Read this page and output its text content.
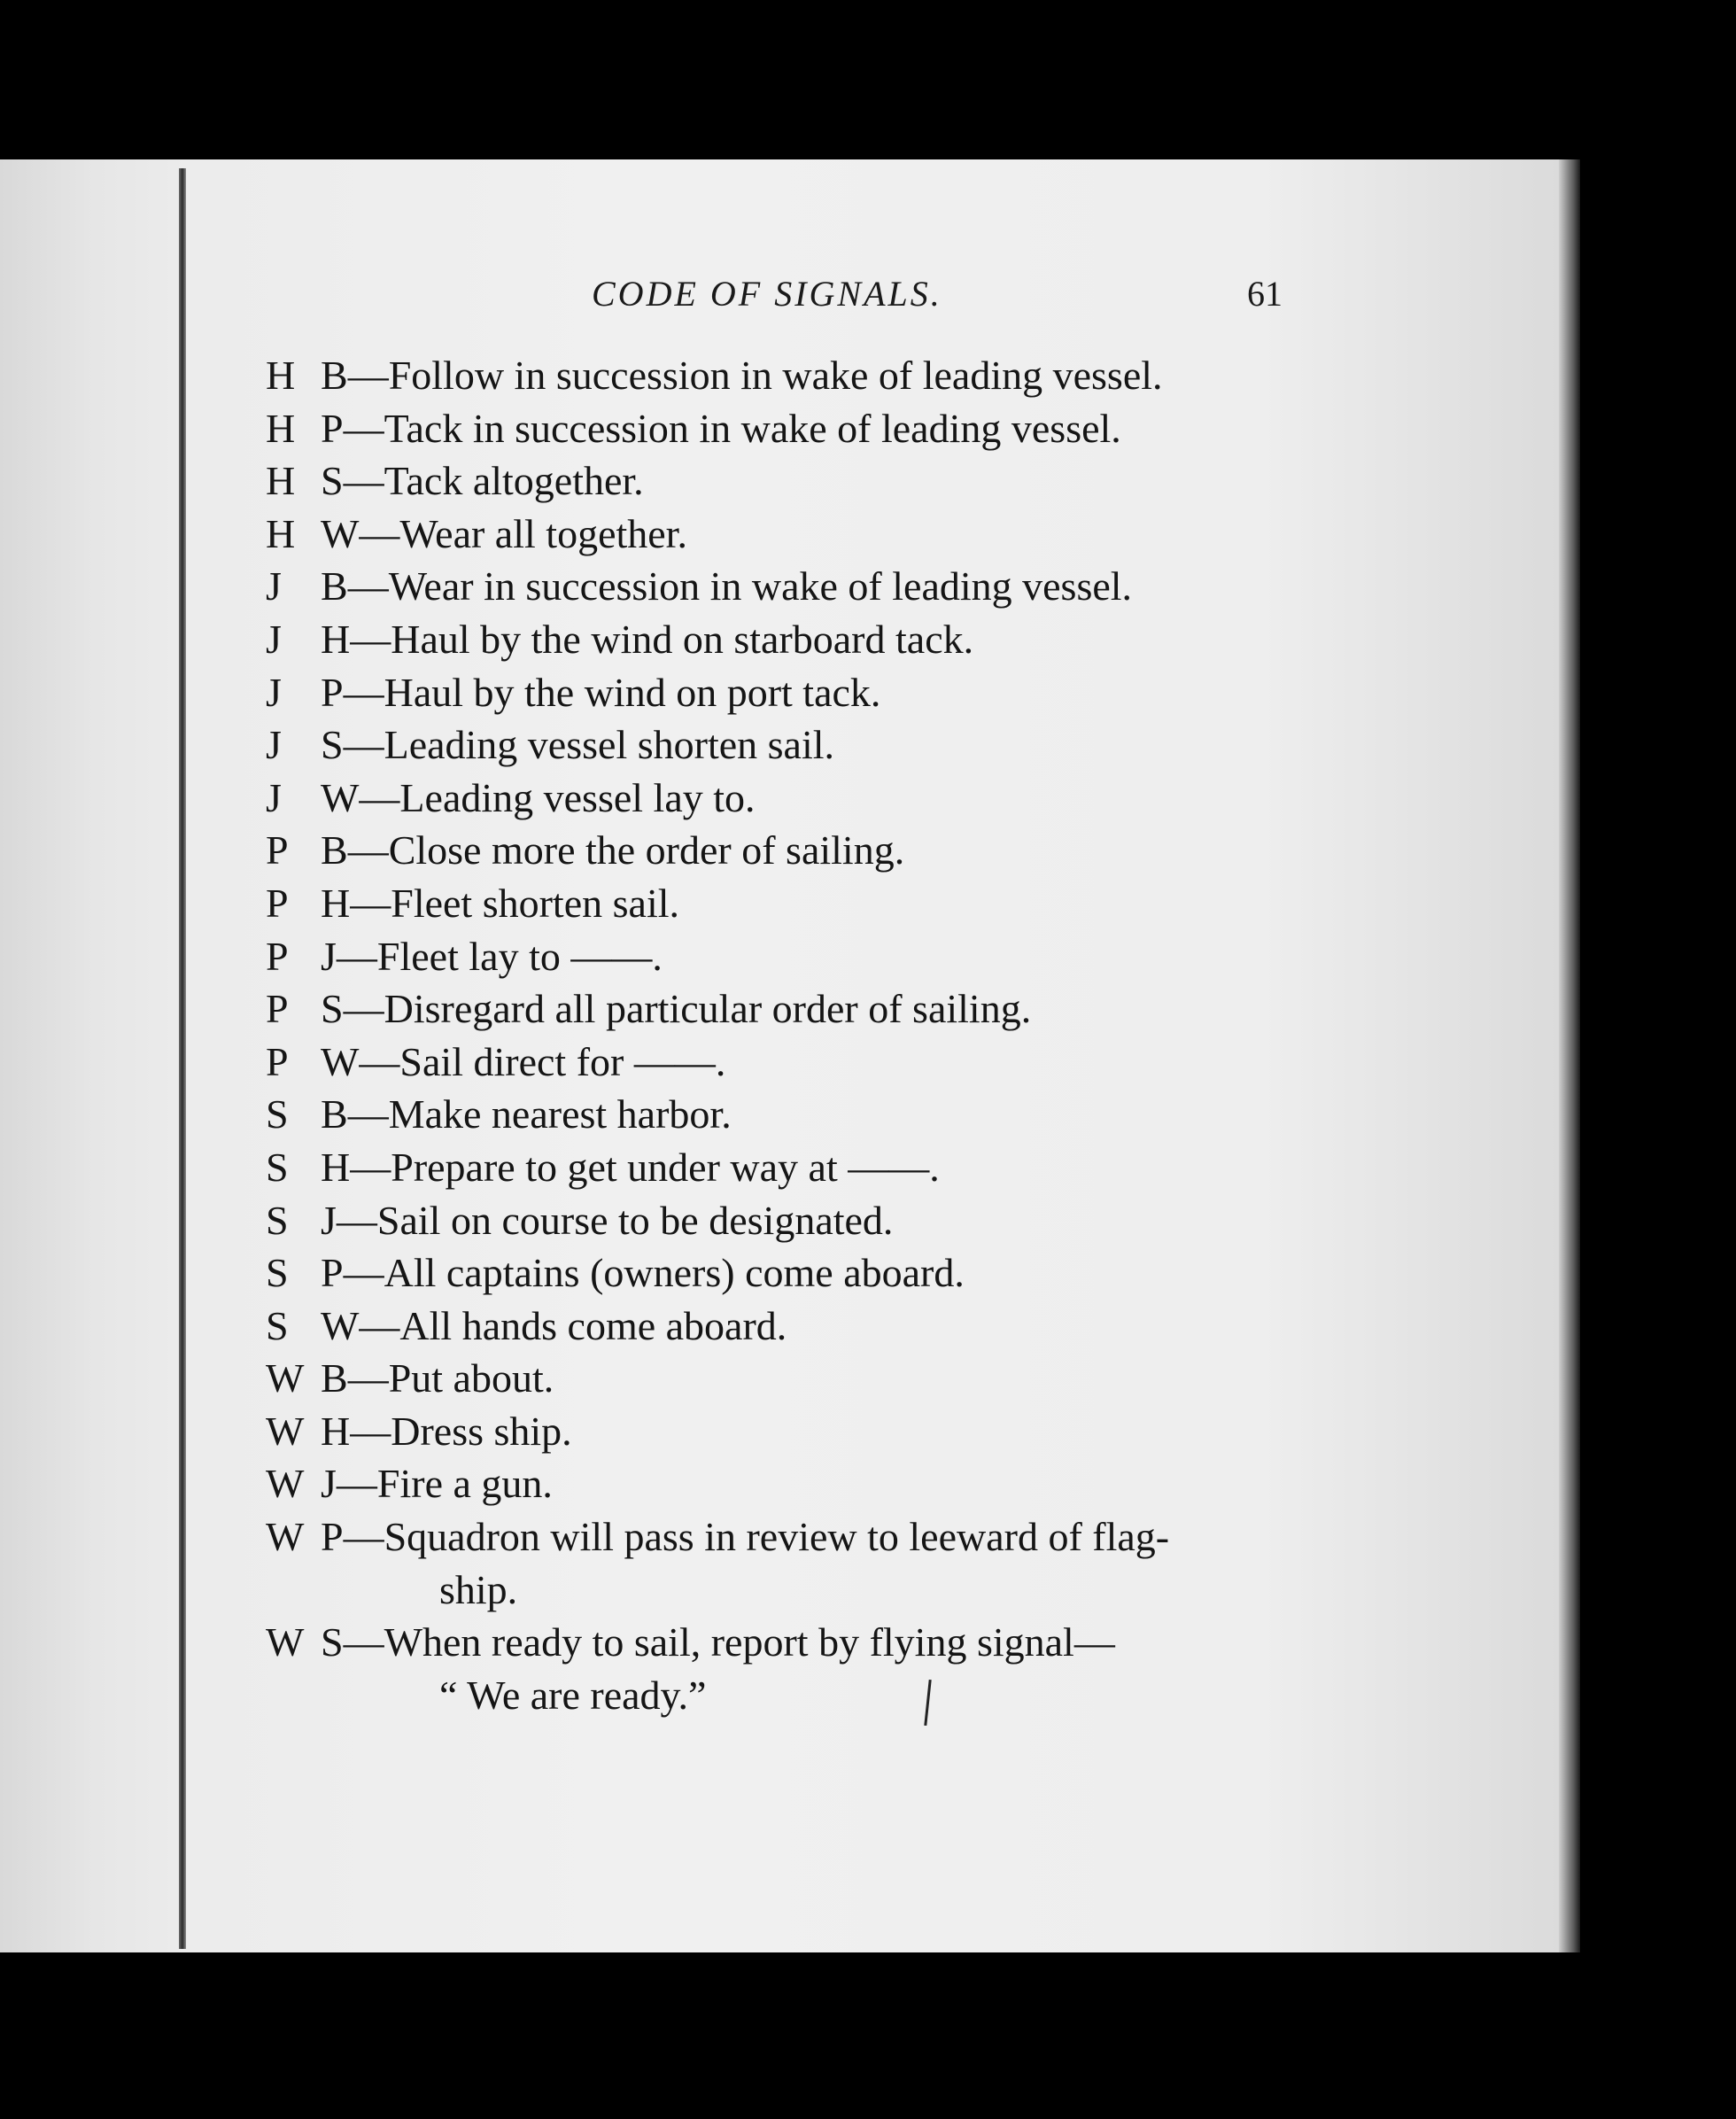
CODE OF SIGNALS.	61
H B—Follow in succession in wake of leading vessel.
H P—Tack in succession in wake of leading vessel.
H S—Tack altogether.
H W—Wear all together.
J B—Wear in succession in wake of leading vessel.
J H—Haul by the wind on starboard tack.
J P—Haul by the wind on port tack.
J S—Leading vessel shorten sail.
J W—Leading vessel lay to.
P B—Close more the order of sailing.
P H—Fleet shorten sail.
P J—Fleet lay to ——.
P S—Disregard all particular order of sailing.
P W—Sail direct for ——.
S B—Make nearest harbor.
S H—Prepare to get under way at ——.
S J—Sail on course to be designated.
S P—All captains (owners) come aboard.
S W—All hands come aboard.
W B—Put about.
W H—Dress ship.
W J—Fire a gun.
W P—Squadron will pass in review to leeward of flag-
ship.
W S—When ready to sail, report by flying signal—
“ We are ready.”
